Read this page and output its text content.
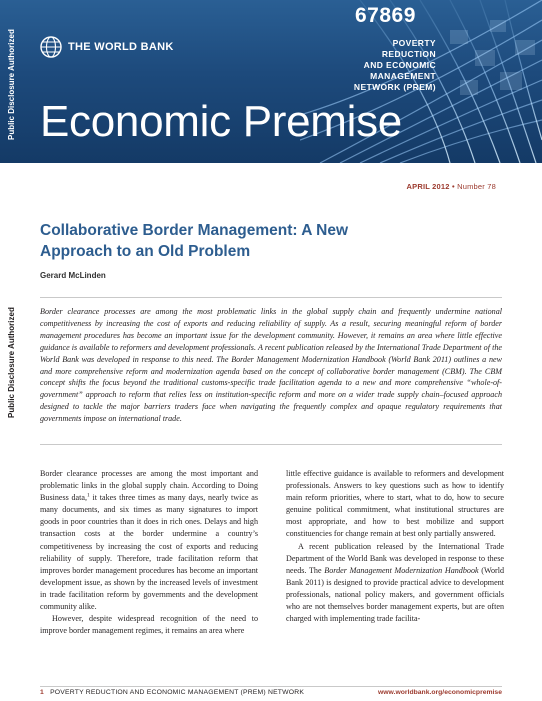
67869
THE WORLD BANK	POVERTY
REDUCTION
AND ECONOMIC
MANAGEMENT
NETWORK (PREM)
Economic Premise
Public Disclosure Authorized
Public Disclosure Authorized
APRIL 2012 • Number 78
Collaborative Border Management: A New Approach to an Old Problem
Gerard McLinden

Border clearance processes are among the most problematic links in the global supply chain and frequently undermine national competitiveness by increasing the cost of exports and reducing reliability of supply. As a result, securing meaningful reform of border management procedures has become an important issue for the development community. However, it remains an area where little effective guidance is available to reformers and development professionals. A recent publication released by the International Trade Department of the World Bank was developed in response to this need. The Border Management Modernization Handbook (World Bank 2011) outlines a new and more comprehensive reform and modernization agenda based on the concept of collaborative border management (CBM). The CBM concept shifts the focus beyond the traditional customs-specific trade facilitation agenda to a new and more comprehensive “whole-of-government” approach to reform that relies less on institution-specific reform and more on a wider trade supply chain–focused approach designed to tackle the major barriers traders face when navigating the frequently complex and opaque regulatory requirements that governments impose on international trade.

Border clearance processes are among the most important and problematic links in the global supply chain. According to Doing Business data,$^1$ it takes three times as many days, nearly twice as many documents, and six times as many signatures to import goods in poor countries than it does in rich ones. Delays and high transaction costs at the border undermine a country’s competitiveness by increasing the cost of exports and reducing reliability of supply. Therefore, trade facilitation reform that improves border management procedures has become an important development issue, as shown by the increased levels of investment in trade facilitation reform by governments and the development community alike.

However, despite widespread recognition of the need to improve border management regimes, it remains an area where

little effective guidance is available to reformers and development professionals. Answers to key questions such as how to identify main reform priorities, where to start, what to do, how to secure genuine political commitment, what institutional structures are most appropriate, and how to best mobilize and support constituencies for change remain at best only partially answered.

A recent publication released by the International Trade Department of the World Bank was developed in response to these needs. The Border Management Modernization Handbook (World Bank 2011) is designed to provide practical advice to development professionals, national policy makers, and government officials who are not themselves border management experts, but are often charged with implementing trade facilita-

1 POVERTY REDUCTION AND ECONOMIC MANAGEMENT (PREM) NETWORK	www.worldbank.org/economicpremise
